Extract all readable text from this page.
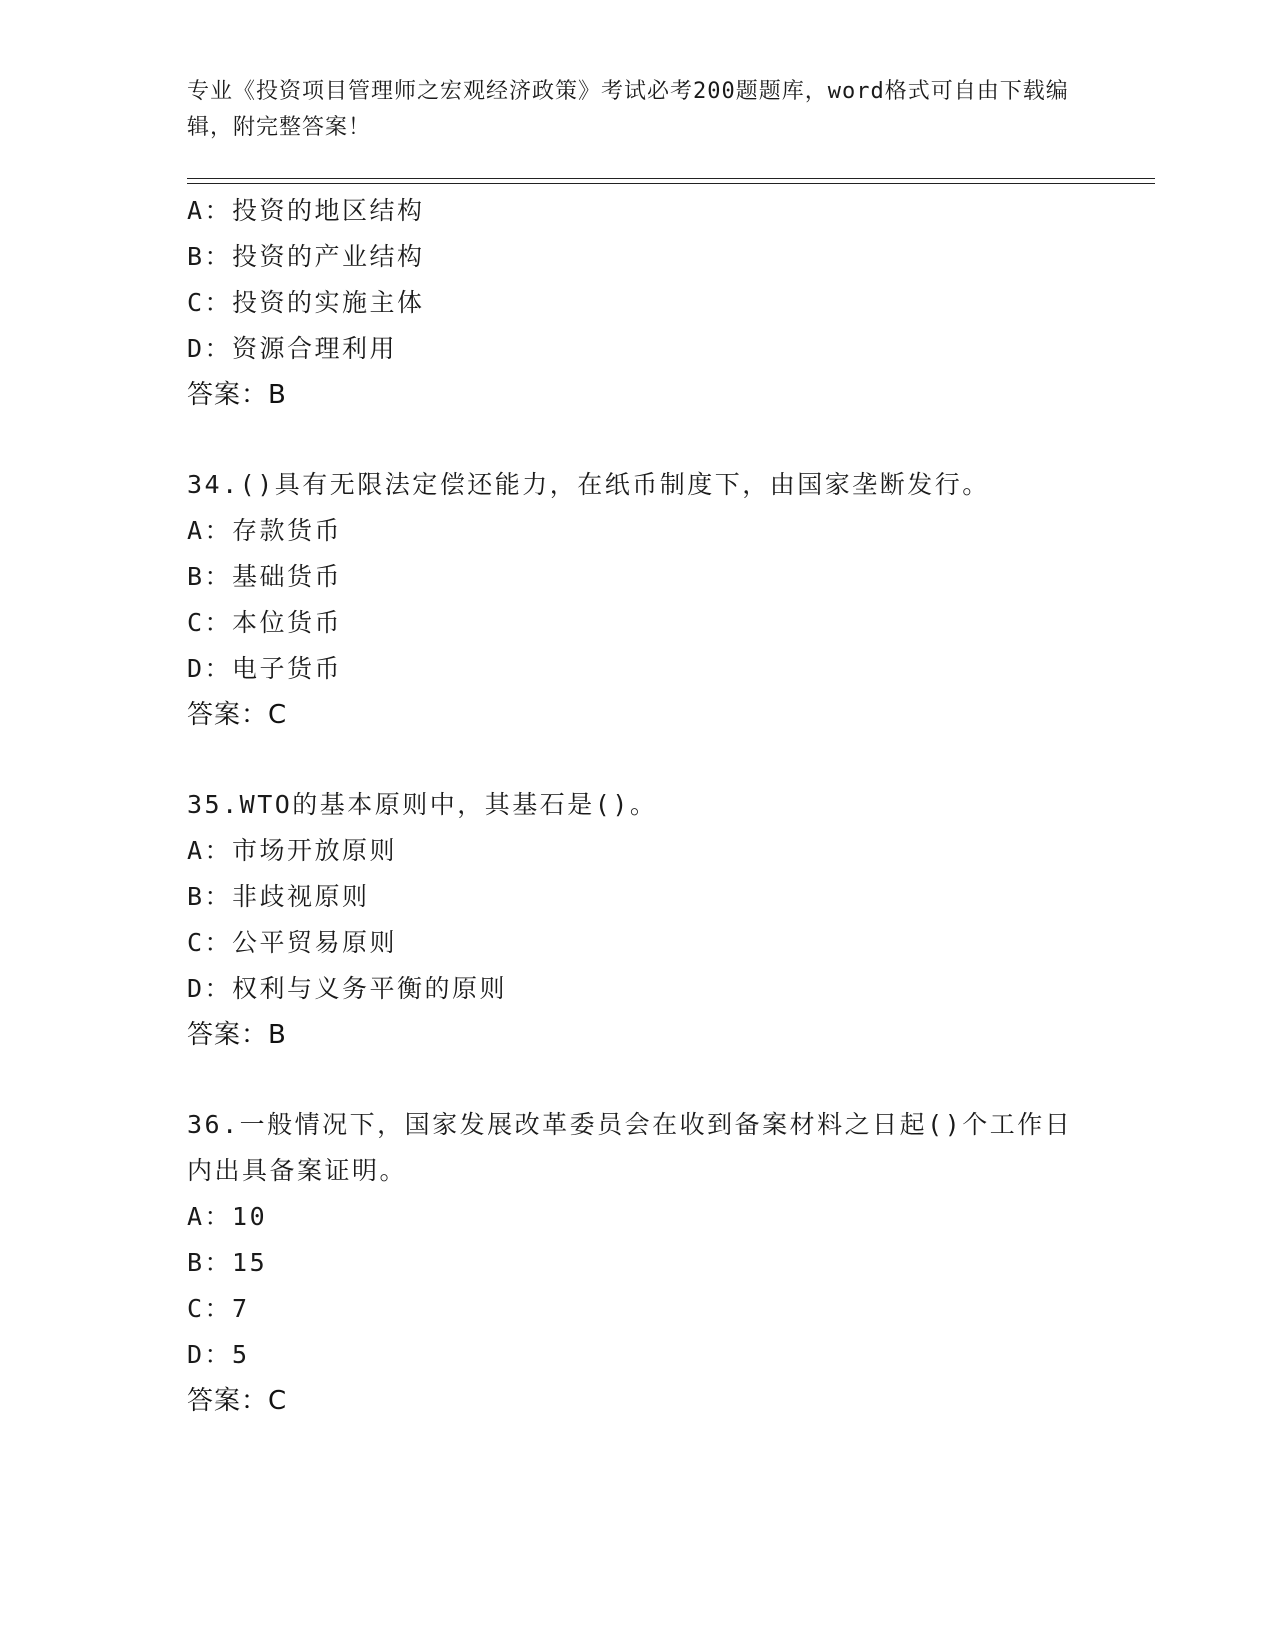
专业《投资项目管理师之宏观经济政策》考试必考200题题库，word格式可自由下载编辑，附完整答案！
A：投资的地区结构
B：投资的产业结构
C：投资的实施主体
D：资源合理利用
答案：B
34.()具有无限法定偿还能力，在纸币制度下，由国家垄断发行。
A：存款货币
B：基础货币
C：本位货币
D：电子货币
答案：C
35.WTO的基本原则中，其基石是()。
A：市场开放原则
B：非歧视原则
C：公平贸易原则
D：权利与义务平衡的原则
答案：B
36.一般情况下，国家发展改革委员会在收到备案材料之日起()个工作日内出具备案证明。
A：10
B：15
C：7
D：5
答案：C
